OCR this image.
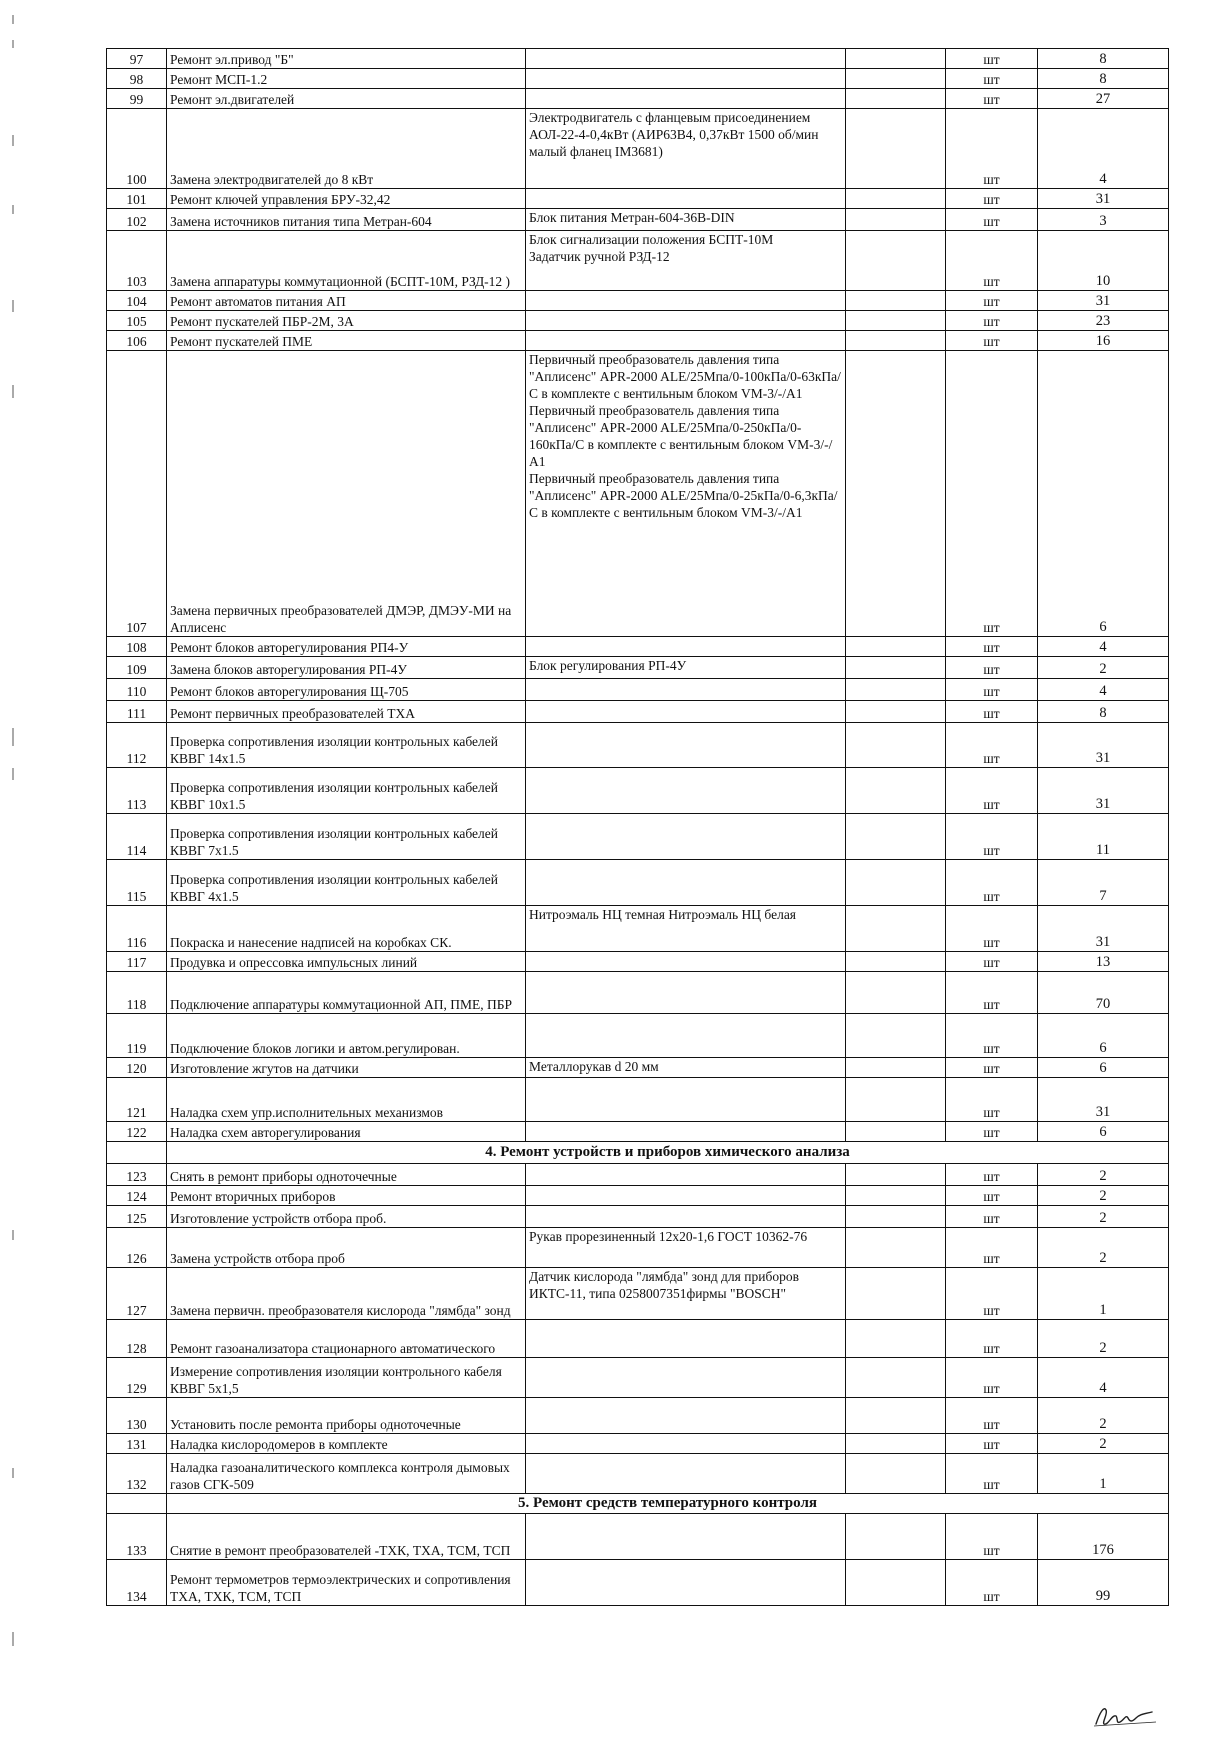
97	Ремонт эл.привод "Б"			шт	8
98	Ремонт МСП-1.2			шт	8
99	Ремонт эл.двигателей			шт	27
100	Замена электродвигателей до 8 кВт	Электродвигатель с фланцевым присоединением АОЛ-22-4-0,4кВт (АИР63В4, 0,37кВт 1500 об/мин малый фланец IM3681)		шт	4
101	Ремонт ключей управления БРУ-32,42			шт	31
102	Замена источников питания типа Метран-604	Блок питания Метран-604-36В-DIN		шт	3
103	Замена аппаратуры коммутационной (БСПТ-10М, РЗД-12 )	Блок сигнализации положения БСПТ-10М
Задатчик ручной РЗД-12		шт	10
104	Ремонт автоматов питания АП			шт	31
105	Ремонт пускателей ПБР-2М, 3А			шт	23
106	Ремонт пускателей ПМЕ			шт	16
107	Замена первичных преобразователей ДМЭР, ДМЭУ-МИ на Аплисенс	Первичный преобразователь давления типа "Аплисенс" APR-2000 ALE/25Мпа/0-100кПа/0-63кПа/С в комплекте с вентильным блоком VM-3/-/А1
Первичный преобразователь давления типа "Аплисенс" APR-2000 ALE/25Мпа/0-250кПа/0-160кПа/С в комплекте с вентильным блоком VM-3/-/А1
Первичный преобразователь давления типа "Аплисенс" APR-2000 ALE/25Мпа/0-25кПа/0-6,3кПа/С в комплекте с вентильным блоком VM-3/-/А1		шт	6
108	Ремонт блоков авторегулирования РП4-У			шт	4
109	Замена блоков авторегулирования РП-4У	Блок регулирования РП-4У		шт	2
110	Ремонт блоков авторегулирования Щ-705			шт	4
111	Ремонт первичных преобразователей ТХА			шт	8
112	Проверка сопротивления изоляции контрольных кабелей КВВГ 14х1.5			шт	31
113	Проверка сопротивления изоляции контрольных кабелей КВВГ 10х1.5			шт	31
114	Проверка сопротивления изоляции контрольных кабелей КВВГ 7х1.5			шт	11
115	Проверка сопротивления изоляции контрольных кабелей КВВГ 4х1.5			шт	7
116	Покраска и нанесение надписей на коробках СК.	Нитроэмаль НЦ темная Нитроэмаль НЦ белая		шт	31
117	Продувка и опрессовка импульсных линий			шт	13
118	Подключение аппаратуры коммутационной АП, ПМЕ, ПБР			шт	70
119	Подключение блоков логики и автом.регулирован.			шт	6
120	Изготовление жгутов на датчики	Металлорукав d 20 мм		шт	6
121	Наладка схем упр.исполнительных механизмов			шт	31
122	Наладка схем авторегулирования			шт	6
	4. Ремонт устройств и приборов химического анализа				
123	Снять в ремонт приборы одноточечные			шт	2
124	Ремонт вторичных приборов			шт	2
125	Изготовление устройств отбора проб.			шт	2
126	Замена устройств отбора проб	Рукав прорезиненный 12х20-1,6 ГОСТ 10362-76		шт	2
127	Замена первичн. преобразователя кислорода "лямбда" зонд	Датчик кислорода "лямбда" зонд для приборов ИКТС-11, типа 0258007351фирмы "BOSCH"		шт	1
128	Ремонт газоанализатора стационарного автоматического			шт	2
129	Измерение сопротивления изоляции контрольного кабеля КВВГ 5х1,5			шт	4
130	Установить после ремонта приборы одноточечные			шт	2
131	Наладка кислородомеров в комплекте			шт	2
132	Наладка газоаналитического комплекса контроля дымовых газов СГК-509			шт	1
	5. Ремонт средств температурного контроля				
133	Снятие в ремонт преобразователей -ТХК, ТХА, ТСМ, ТСП			шт	176
134	Ремонт термометров термоэлектрических и сопротивления ТХА, ТХК, ТСМ, ТСП			шт	99
